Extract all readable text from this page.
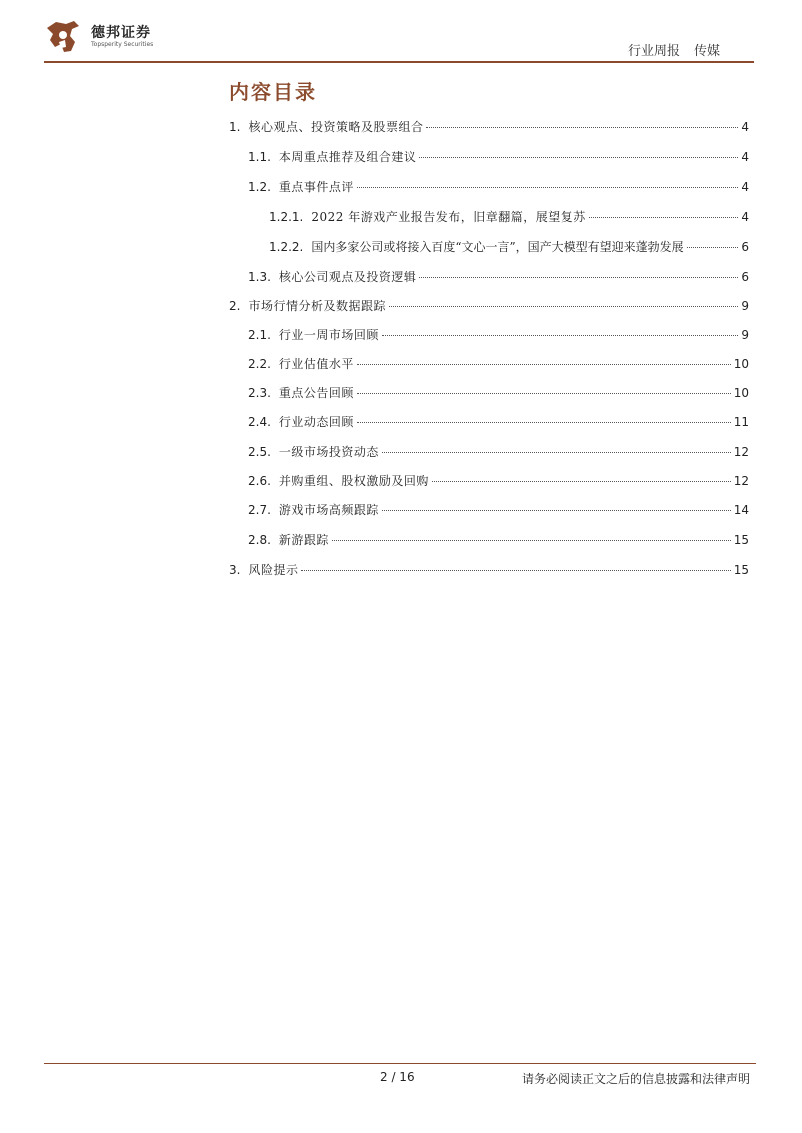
德邦证券
Topsperity Securities	行业周报 传媒
内容目录
1. 核心观点、投资策略及股票组合	4
1.1. 本周重点推荐及组合建议	4
1.2. 重点事件点评	4
1.2.1. 2022 年游戏产业报告发布，旧章翻篇，展望复苏	4
1.2.2. 国内多家公司或将接入百度“文心一言”，国产大模型有望迎来蓬勃发展	6
1.3. 核心公司观点及投资逻辑	6
2. 市场行情分析及数据跟踪	9
2.1. 行业一周市场回顾	9
2.2. 行业估值水平	10
2.3. 重点公告回顾	10
2.4. 行业动态回顾	11
2.5. 一级市场投资动态	12
2.6. 并购重组、股权激励及回购	12
2.7. 游戏市场高频跟踪	14
2.8. 新游跟踪	15
3. 风险提示	15
2 / 16	请务必阅读正文之后的信息披露和法律声明
